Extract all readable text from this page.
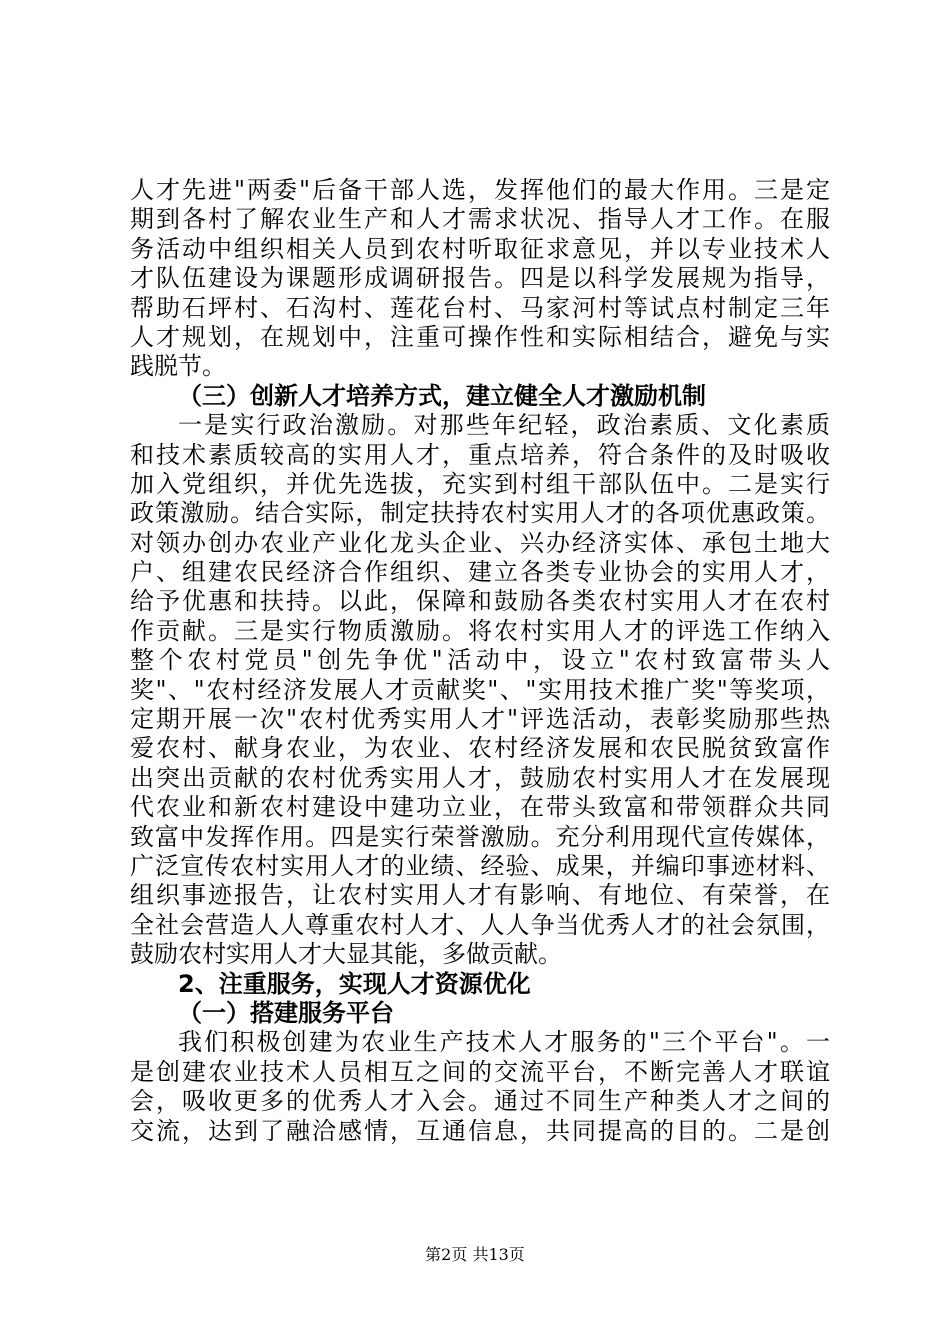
人才先进"两委"后备干部人选，发挥他们的最大作用。三是定
期到各村了解农业生产和人才需求状况、指导人才工作。在服
务活动中组织相关人员到农村听取征求意见，并以专业技术人
才队伍建设为课题形成调研报告。四是以科学发展规为指导，
帮助石坪村、石沟村、莲花台村、马家河村等试点村制定三年
人才规划，在规划中，注重可操作性和实际相结合，避免与实
践脱节。
（三）创新人才培养方式，建立健全人才激励机制
一是实行政治激励。对那些年纪轻，政治素质、文化素质
和技术素质较高的实用人才，重点培养，符合条件的及时吸收
加入党组织，并优先选拔，充实到村组干部队伍中。二是实行
政策激励。结合实际，制定扶持农村实用人才的各项优惠政策。
对领办创办农业产业化龙头企业、兴办经济实体、承包土地大
户、组建农民经济合作组织、建立各类专业协会的实用人才，
给予优惠和扶持。以此，保障和鼓励各类农村实用人才在农村
作贡献。三是实行物质激励。将农村实用人才的评选工作纳入
整个农村党员"创先争优"活动中，设立"农村致富带头人
奖"、"农村经济发展人才贡献奖"、"实用技术推广奖"等奖项，
定期开展一次"农村优秀实用人才"评选活动，表彰奖励那些热
爱农村、献身农业，为农业、农村经济发展和农民脱贫致富作
出突出贡献的农村优秀实用人才，鼓励农村实用人才在发展现
代农业和新农村建设中建功立业，在带头致富和带领群众共同
致富中发挥作用。四是实行荣誉激励。充分利用现代宣传媒体，
广泛宣传农村实用人才的业绩、经验、成果，并编印事迹材料、
组织事迹报告，让农村实用人才有影响、有地位、有荣誉，在
全社会营造人人尊重农村人才、人人争当优秀人才的社会氛围，
鼓励农村实用人才大显其能，多做贡献。
2、注重服务，实现人才资源优化
（一）搭建服务平台
我们积极创建为农业生产技术人才服务的"三个平台"。一
是创建农业技术人员相互之间的交流平台，不断完善人才联谊
会，吸收更多的优秀人才入会。通过不同生产种类人才之间的
交流，达到了融洽感情，互通信息，共同提高的目的。二是创
第2页 共13页
